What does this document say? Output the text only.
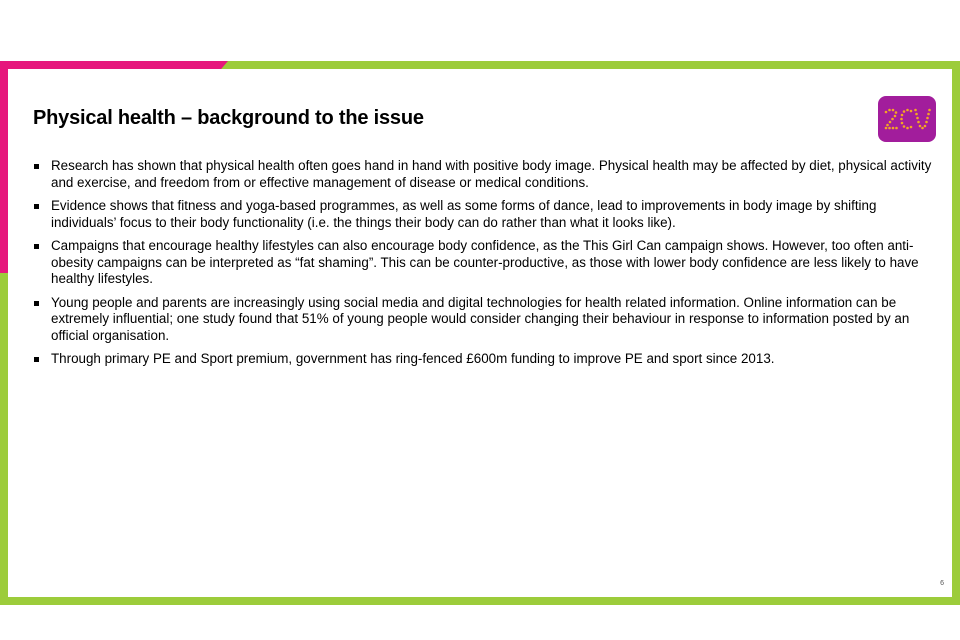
Physical health – background to the issue
Research has shown that physical health often goes hand in hand with positive body image. Physical health may be affected by diet, physical activity and exercise, and freedom from or effective management of disease or medical conditions.
Evidence shows that fitness and yoga-based programmes, as well as some forms of dance, lead to improvements in body image by shifting individuals’ focus to their body functionality (i.e. the things their body can do rather than what it looks like).
Campaigns that encourage healthy lifestyles can also encourage body confidence, as the This Girl Can campaign shows. However, too often anti-obesity campaigns can be interpreted as “fat shaming”. This can be counter-productive, as those with lower body confidence are less likely to have healthy lifestyles.
Young people and parents are increasingly using social media and digital technologies for health related information. Online information can be extremely influential; one study found that 51% of young people would consider changing their behaviour in response to information posted by an official organisation.
Through primary PE and Sport premium, government has ring-fenced £600m funding to improve PE and sport since 2013.
6
